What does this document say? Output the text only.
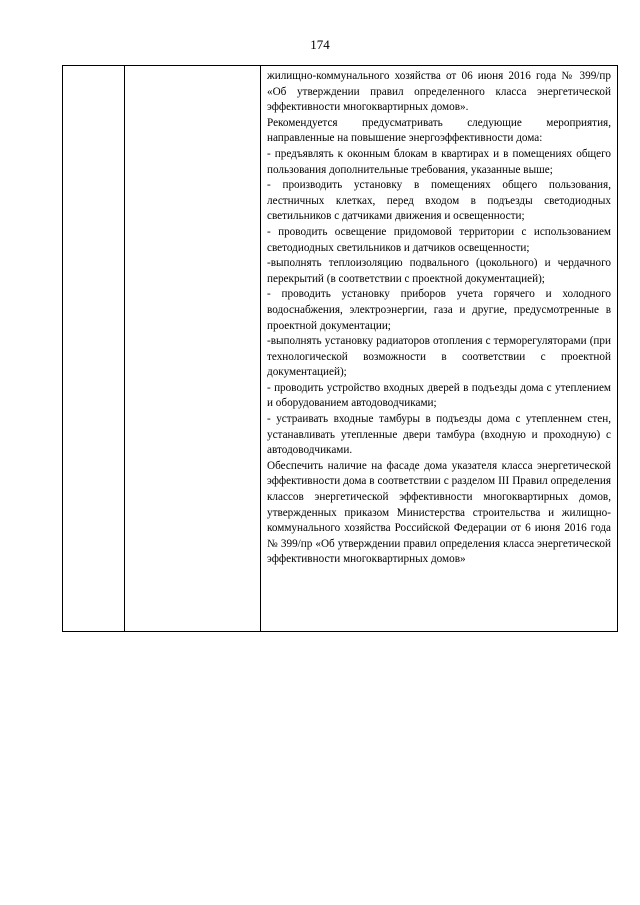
174

жилищно-коммунального хозяйства от 06 июня 2016 года № 399/пр «Об утверждении правил определенного класса энергетической эффективности многоквартирных домов».

Рекомендуется предусматривать следующие мероприятия, направленные на повышение энергоэффективности дома:

- предъявлять к оконным блокам в квартирах и в помещениях общего пользования дополнительные требования, указанные выше;

- производить установку в помещениях общего пользования, лестничных клетках, перед входом в подъезды светодиодных светильников с датчиками движения и освещенности;

- проводить освещение придомовой территории с использованием светодиодных светильников и датчиков освещенности;

-выполнять теплоизоляцию подвального (цокольного) и чердачного перекрытий (в соответствии с проектной документацией);

- проводить установку приборов учета горячего и холодного водоснабжения, электроэнергии, газа и другие, предусмотренные в проектной документации;

-выполнять установку радиаторов отопления с терморегуляторами (при технологической возможности в соответствии с проектной документацией);

- проводить устройство входных дверей в подъезды дома с утеплением и оборудованием автодоводчиками;

- устраивать входные тамбуры в подъезды дома с утепленнем стен, устанавливать утепленные двери тамбура (входную и проходную) с автодоводчиками.

Обеспечить наличие на фасаде дома указателя класса энергетической эффективности дома в соответствии с разделом III Правил определения классов энергетической эффективности многоквартирных домов, утвержденных приказом Министерства строительства и жилищно-коммунального хозяйства Российской Федерации от 6 июня 2016 года № 399/пр «Об утверждении правил определения класса энергетической эффективности многоквартирных домов»
